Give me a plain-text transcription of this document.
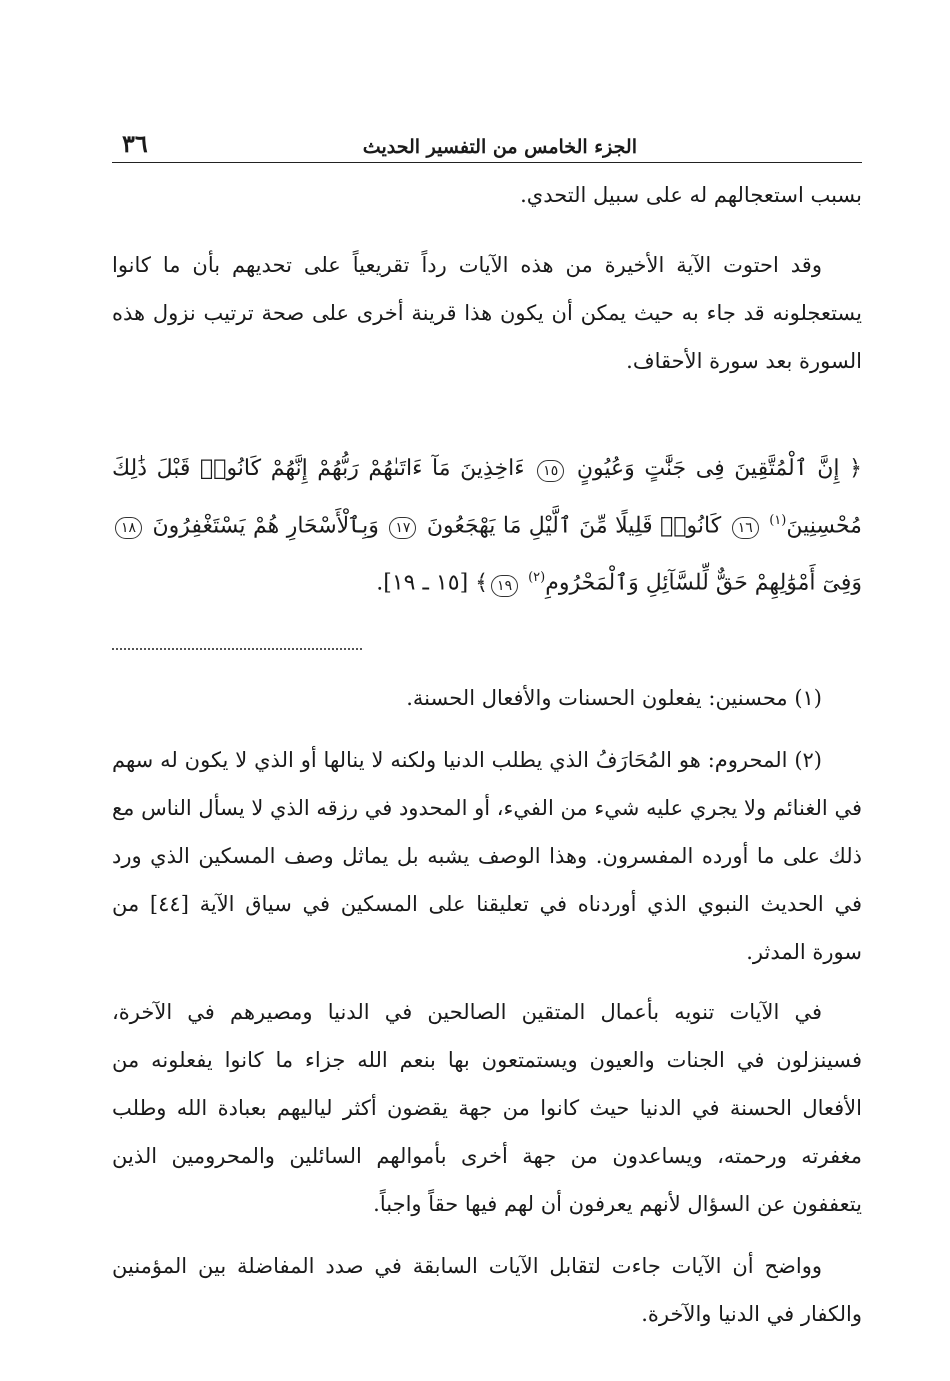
الجزء الخامس من التفسير الحديث
٣٦

بسبب استعجالهم له على سبيل التحدي.

وقد احتوت الآية الأخيرة من هذه الآيات رداً تقريعياً على تحديهم بأن ما كانوا يستعجلونه قد جاء به حيث يمكن أن يكون هذا قرينة أخرى على صحة ترتيب نزول هذه السورة بعد سورة الأحقاف.

﴿ إِنَّ ٱلْمُتَّقِينَ فِى جَنَّٰتٍ وَعُيُونٍ ١٥ ءَاخِذِينَ مَآ ءَاتَىٰهُمْ رَبُّهُمْ إِنَّهُمْ كَانُوا۟ قَبْلَ ذَٰلِكَ مُحْسِنِينَ$^{(١)}$ ١٦ كَانُوا۟ قَلِيلًا مِّنَ ٱلَّيْلِ مَا يَهْجَعُونَ ١٧ وَبِٱلْأَسْحَارِ هُمْ يَسْتَغْفِرُونَ ١٨ وَفِىٓ أَمْوَٰلِهِمْ حَقٌّ لِّلسَّآئِلِ وَٱلْمَحْرُومِ$^{(٢)}$ ١٩﴾ [١٥ ـ ١٩].

(١) محسنين: يفعلون الحسنات والأفعال الحسنة.

(٢) المحروم: هو المُحَارَفُ الذي يطلب الدنيا ولكنه لا ينالها أو الذي لا يكون له سهم في الغنائم ولا يجري عليه شيء من الفيء، أو المحدود في رزقه الذي لا يسأل الناس مع ذلك على ما أورده المفسرون. وهذا الوصف يشبه بل يماثل وصف المسكين الذي ورد في الحديث النبوي الذي أوردناه في تعليقنا على المسكين في سياق الآية [٤٤] من سورة المدثر.

في الآيات تنويه بأعمال المتقين الصالحين في الدنيا ومصيرهم في الآخرة، فسينزلون في الجنات والعيون ويستمتعون بها بنعم الله جزاء ما كانوا يفعلونه من الأفعال الحسنة في الدنيا حيث كانوا من جهة يقضون أكثر لياليهم بعبادة الله وطلب مغفرته ورحمته، ويساعدون من جهة أخرى بأموالهم السائلين والمحرومين الذين يتعففون عن السؤال لأنهم يعرفون أن لهم فيها حقاً واجباً.

وواضح أن الآيات جاءت لتقابل الآيات السابقة في صدد المفاضلة بين المؤمنين والكفار في الدنيا والآخرة.
